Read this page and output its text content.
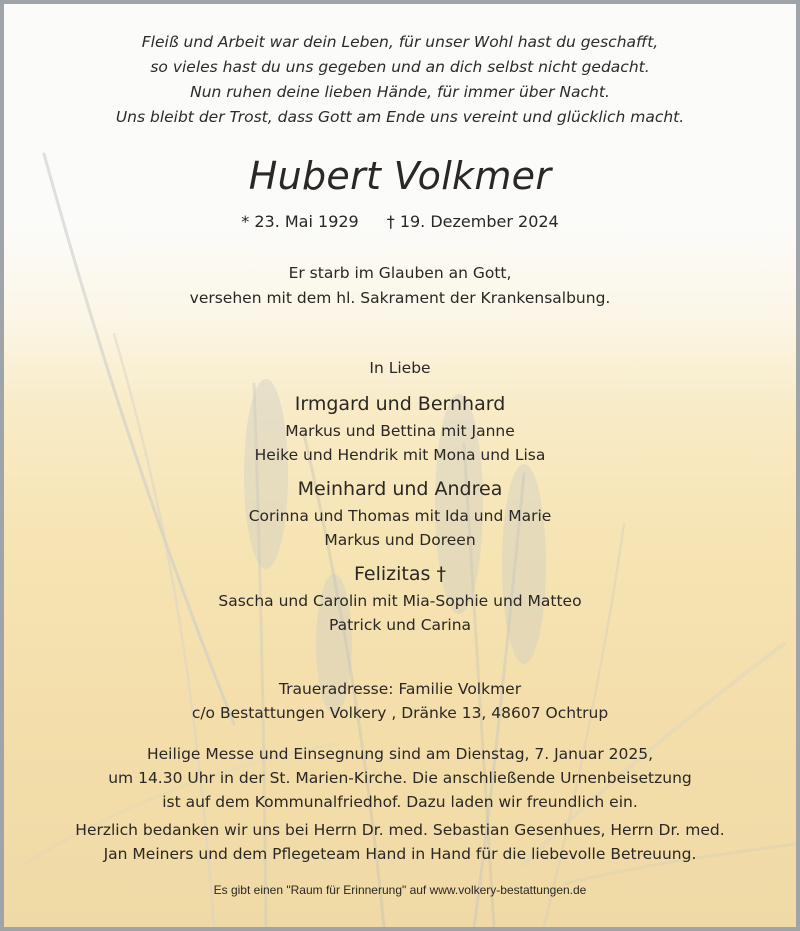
Fleiß und Arbeit war dein Leben, für unser Wohl hast du geschafft,
so vieles hast du uns gegeben und an dich selbst nicht gedacht.
Nun ruhen deine lieben Hände, für immer über Nacht.
Uns bleibt der Trost, dass Gott am Ende uns vereint und glücklich macht.
Hubert Volkmer
* 23. Mai 1929 † 19. Dezember 2024
Er starb im Glauben an Gott,
versehen mit dem hl. Sakrament der Krankensalbung.
In Liebe
Irmgard und Bernhard
Markus und Bettina mit Janne
Heike und Hendrik mit Mona und Lisa
Meinhard und Andrea
Corinna und Thomas mit Ida und Marie
Markus und Doreen
Felizitas †
Sascha und Carolin mit Mia-Sophie und Matteo
Patrick und Carina
Traueradresse: Familie Volkmer
c/o Bestattungen Volkery , Dränke 13, 48607 Ochtrup
Heilige Messe und Einsegnung sind am Dienstag, 7. Januar 2025,
um 14.30 Uhr in der St. Marien-Kirche. Die anschließende Urnenbeisetzung
ist auf dem Kommunalfriedhof. Dazu laden wir freundlich ein.
Herzlich bedanken wir uns bei Herrn Dr. med. Sebastian Gesenhues, Herrn Dr. med.
Jan Meiners und dem Pflegeteam Hand in Hand für die liebevolle Betreuung.
Es gibt einen "Raum für Erinnerung" auf www.volkery-bestattungen.de
